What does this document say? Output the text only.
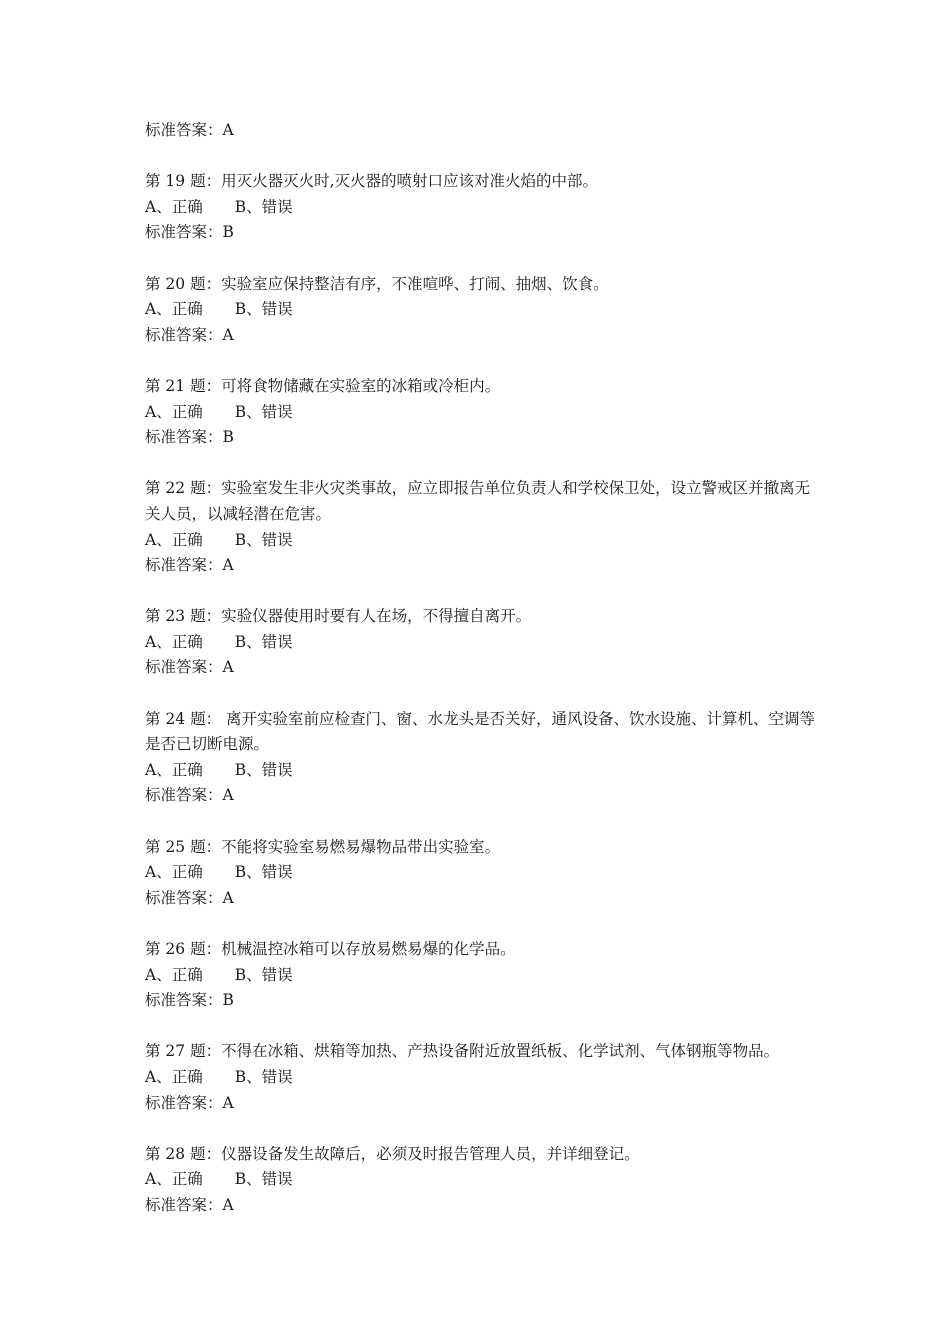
标准答案：A
第 19 题：用灭火器灭火时,灭火器的喷射口应该对准火焰的中部。
A、正确 B、错误
标准答案：B
第 20 题：实验室应保持整洁有序，不准喧哗、打闹、抽烟、饮食。
A、正确 B、错误
标准答案：A
第 21 题：可将食物储藏在实验室的冰箱或冷柜内。
A、正确 B、错误
标准答案：B
第 22 题：实验室发生非火灾类事故，应立即报告单位负责人和学校保卫处，设立警戒区并撤离无关人员，以减轻潜在危害。
A、正确 B、错误
标准答案：A
第 23 题：实验仪器使用时要有人在场，不得擅自离开。
A、正确 B、错误
标准答案：A
第 24 题： 离开实验室前应检查门、窗、水龙头是否关好，通风设备、饮水设施、计算机、空调等是否已切断电源。
A、正确 B、错误
标准答案：A
第 25 题：不能将实验室易燃易爆物品带出实验室。
A、正确 B、错误
标准答案：A
第 26 题：机械温控冰箱可以存放易燃易爆的化学品。
A、正确 B、错误
标准答案：B
第 27 题：不得在冰箱、烘箱等加热、产热设备附近放置纸板、化学试剂、气体钢瓶等物品。
A、正确 B、错误
标准答案：A
第 28 题：仪器设备发生故障后，必须及时报告管理人员，并详细登记。
A、正确 B、错误
标准答案：A
